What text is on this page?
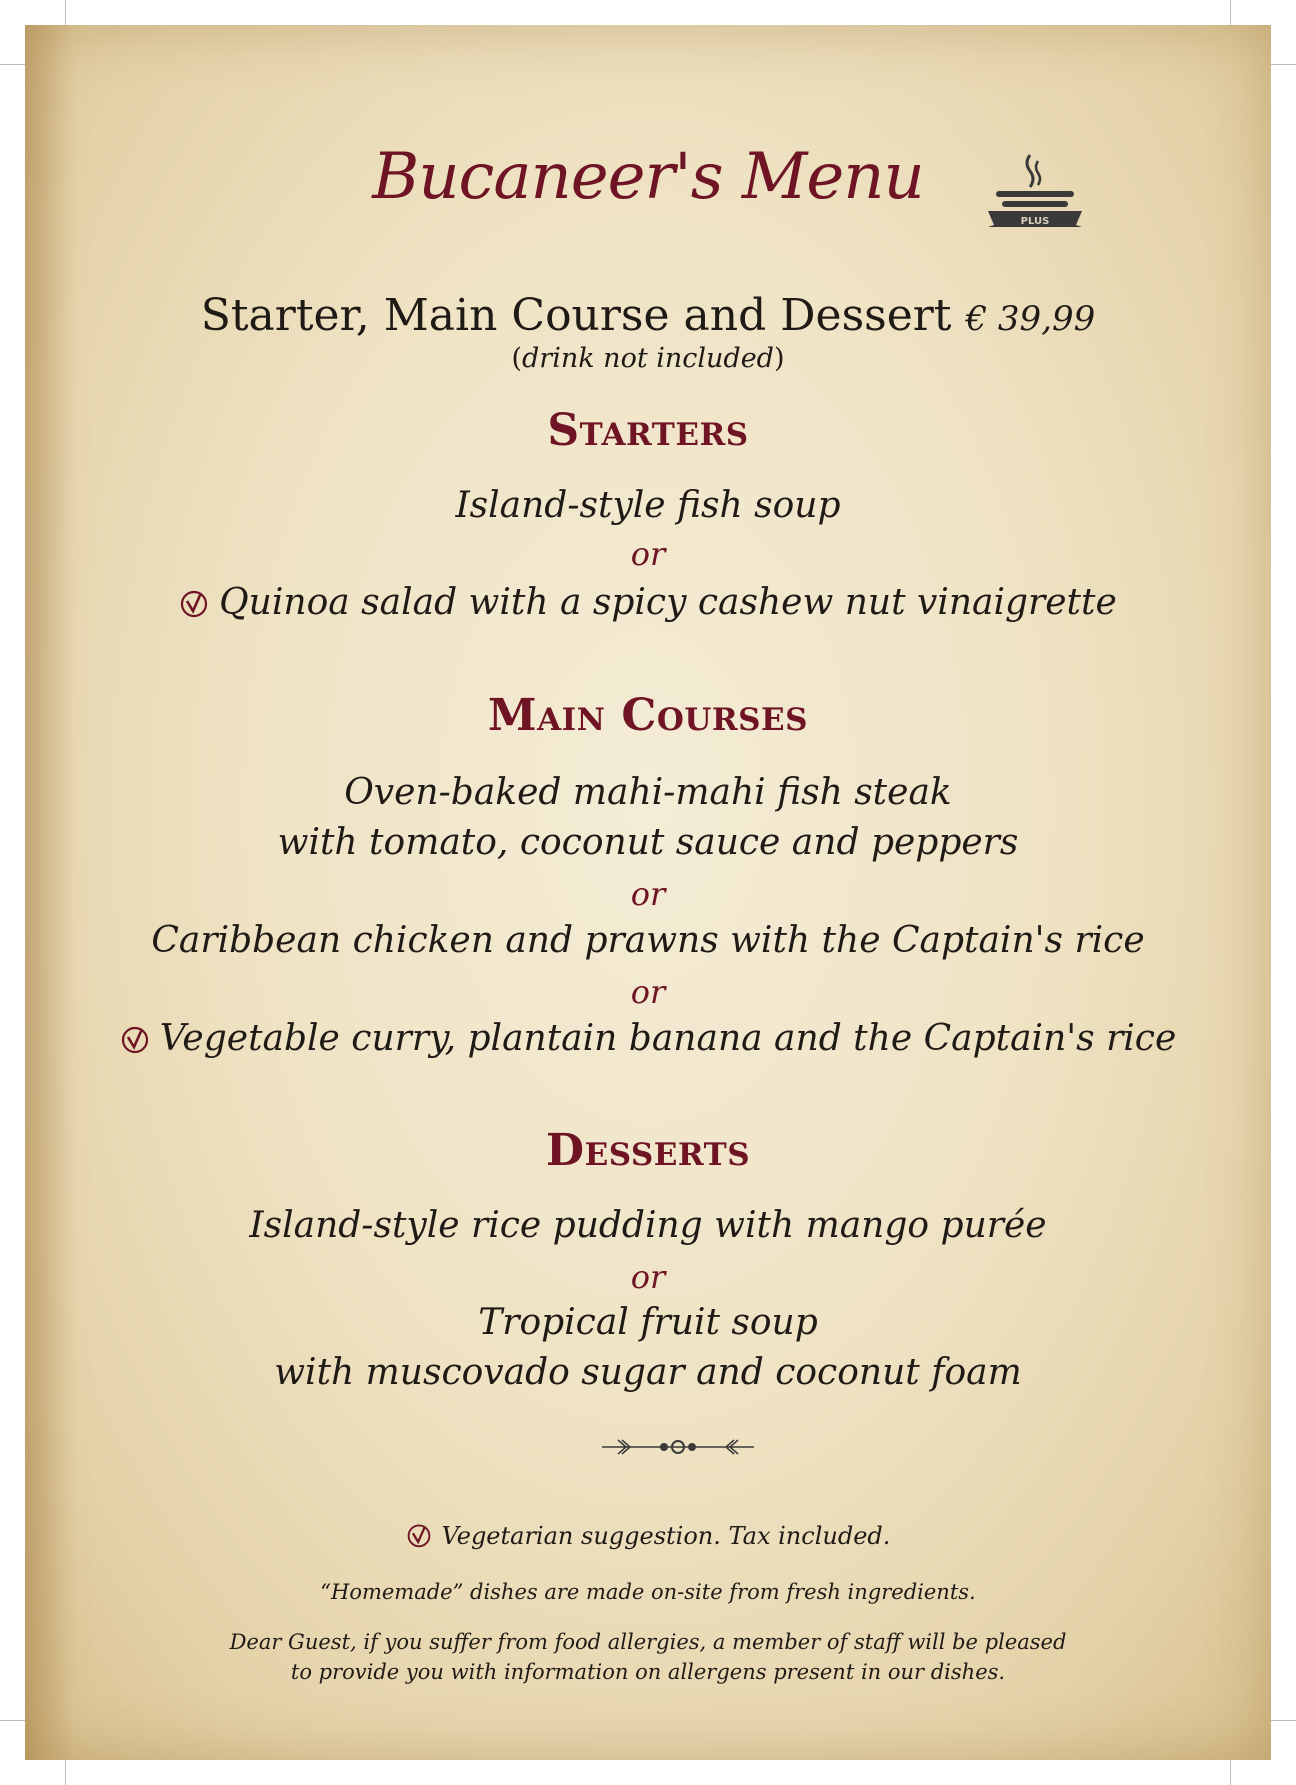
Bucaneer's Menu
PLUS
Starter, Main Course and Dessert € 39,99
(drink not included)
Starters
Island-style fish soup
or
Quinoa salad with a spicy cashew nut vinaigrette
Main Courses
Oven-baked mahi-mahi fish steak
with tomato, coconut sauce and peppers
or
Caribbean chicken and prawns with the Captain's rice
or
Vegetable curry, plantain banana and the Captain's rice
Desserts
Island-style rice pudding with mango purée
or
Tropical fruit soup
with muscovado sugar and coconut foam
Vegetarian suggestion. Tax included.
“Homemade” dishes are made on-site from fresh ingredients.
Dear Guest, if you suffer from food allergies, a member of staff will be pleased
to provide you with information on allergens present in our dishes.
